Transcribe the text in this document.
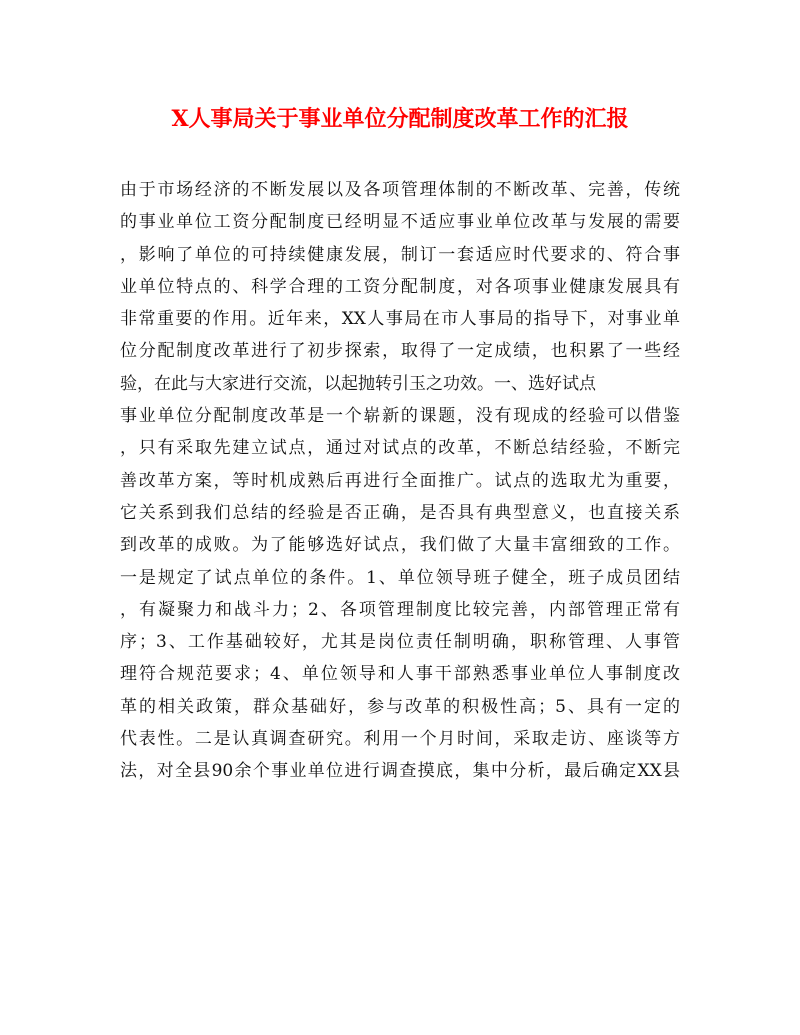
X人事局关于事业单位分配制度改革工作的汇报
由于市场经济的不断发展以及各项管理体制的不断改革、完善，传统
的事业单位工资分配制度已经明显不适应事业单位改革与发展的需要
，影响了单位的可持续健康发展，制订一套适应时代要求的、符合事
业单位特点的、科学合理的工资分配制度，对各项事业健康发展具有
非常重要的作用。近年来，XX人事局在市人事局的指导下，对事业单
位分配制度改革进行了初步探索，取得了一定成绩，也积累了一些经
验，在此与大家进行交流，以起抛转引玉之功效。一、选好试点
事业单位分配制度改革是一个崭新的课题，没有现成的经验可以借鉴
，只有采取先建立试点，通过对试点的改革，不断总结经验，不断完
善改革方案，等时机成熟后再进行全面推广。试点的选取尤为重要，
它关系到我们总结的经验是否正确，是否具有典型意义，也直接关系
到改革的成败。为了能够选好试点，我们做了大量丰富细致的工作。
一是规定了试点单位的条件。1、单位领导班子健全，班子成员团结
，有凝聚力和战斗力；2、各项管理制度比较完善，内部管理正常有
序；3、工作基础较好，尤其是岗位责任制明确，职称管理、人事管
理符合规范要求；4、单位领导和人事干部熟悉事业单位人事制度改
革的相关政策，群众基础好，参与改革的积极性高；5、具有一定的
代表性。二是认真调查研究。利用一个月时间，采取走访、座谈等方
法，对全县90余个事业单位进行调查摸底，集中分析，最后确定XX县
